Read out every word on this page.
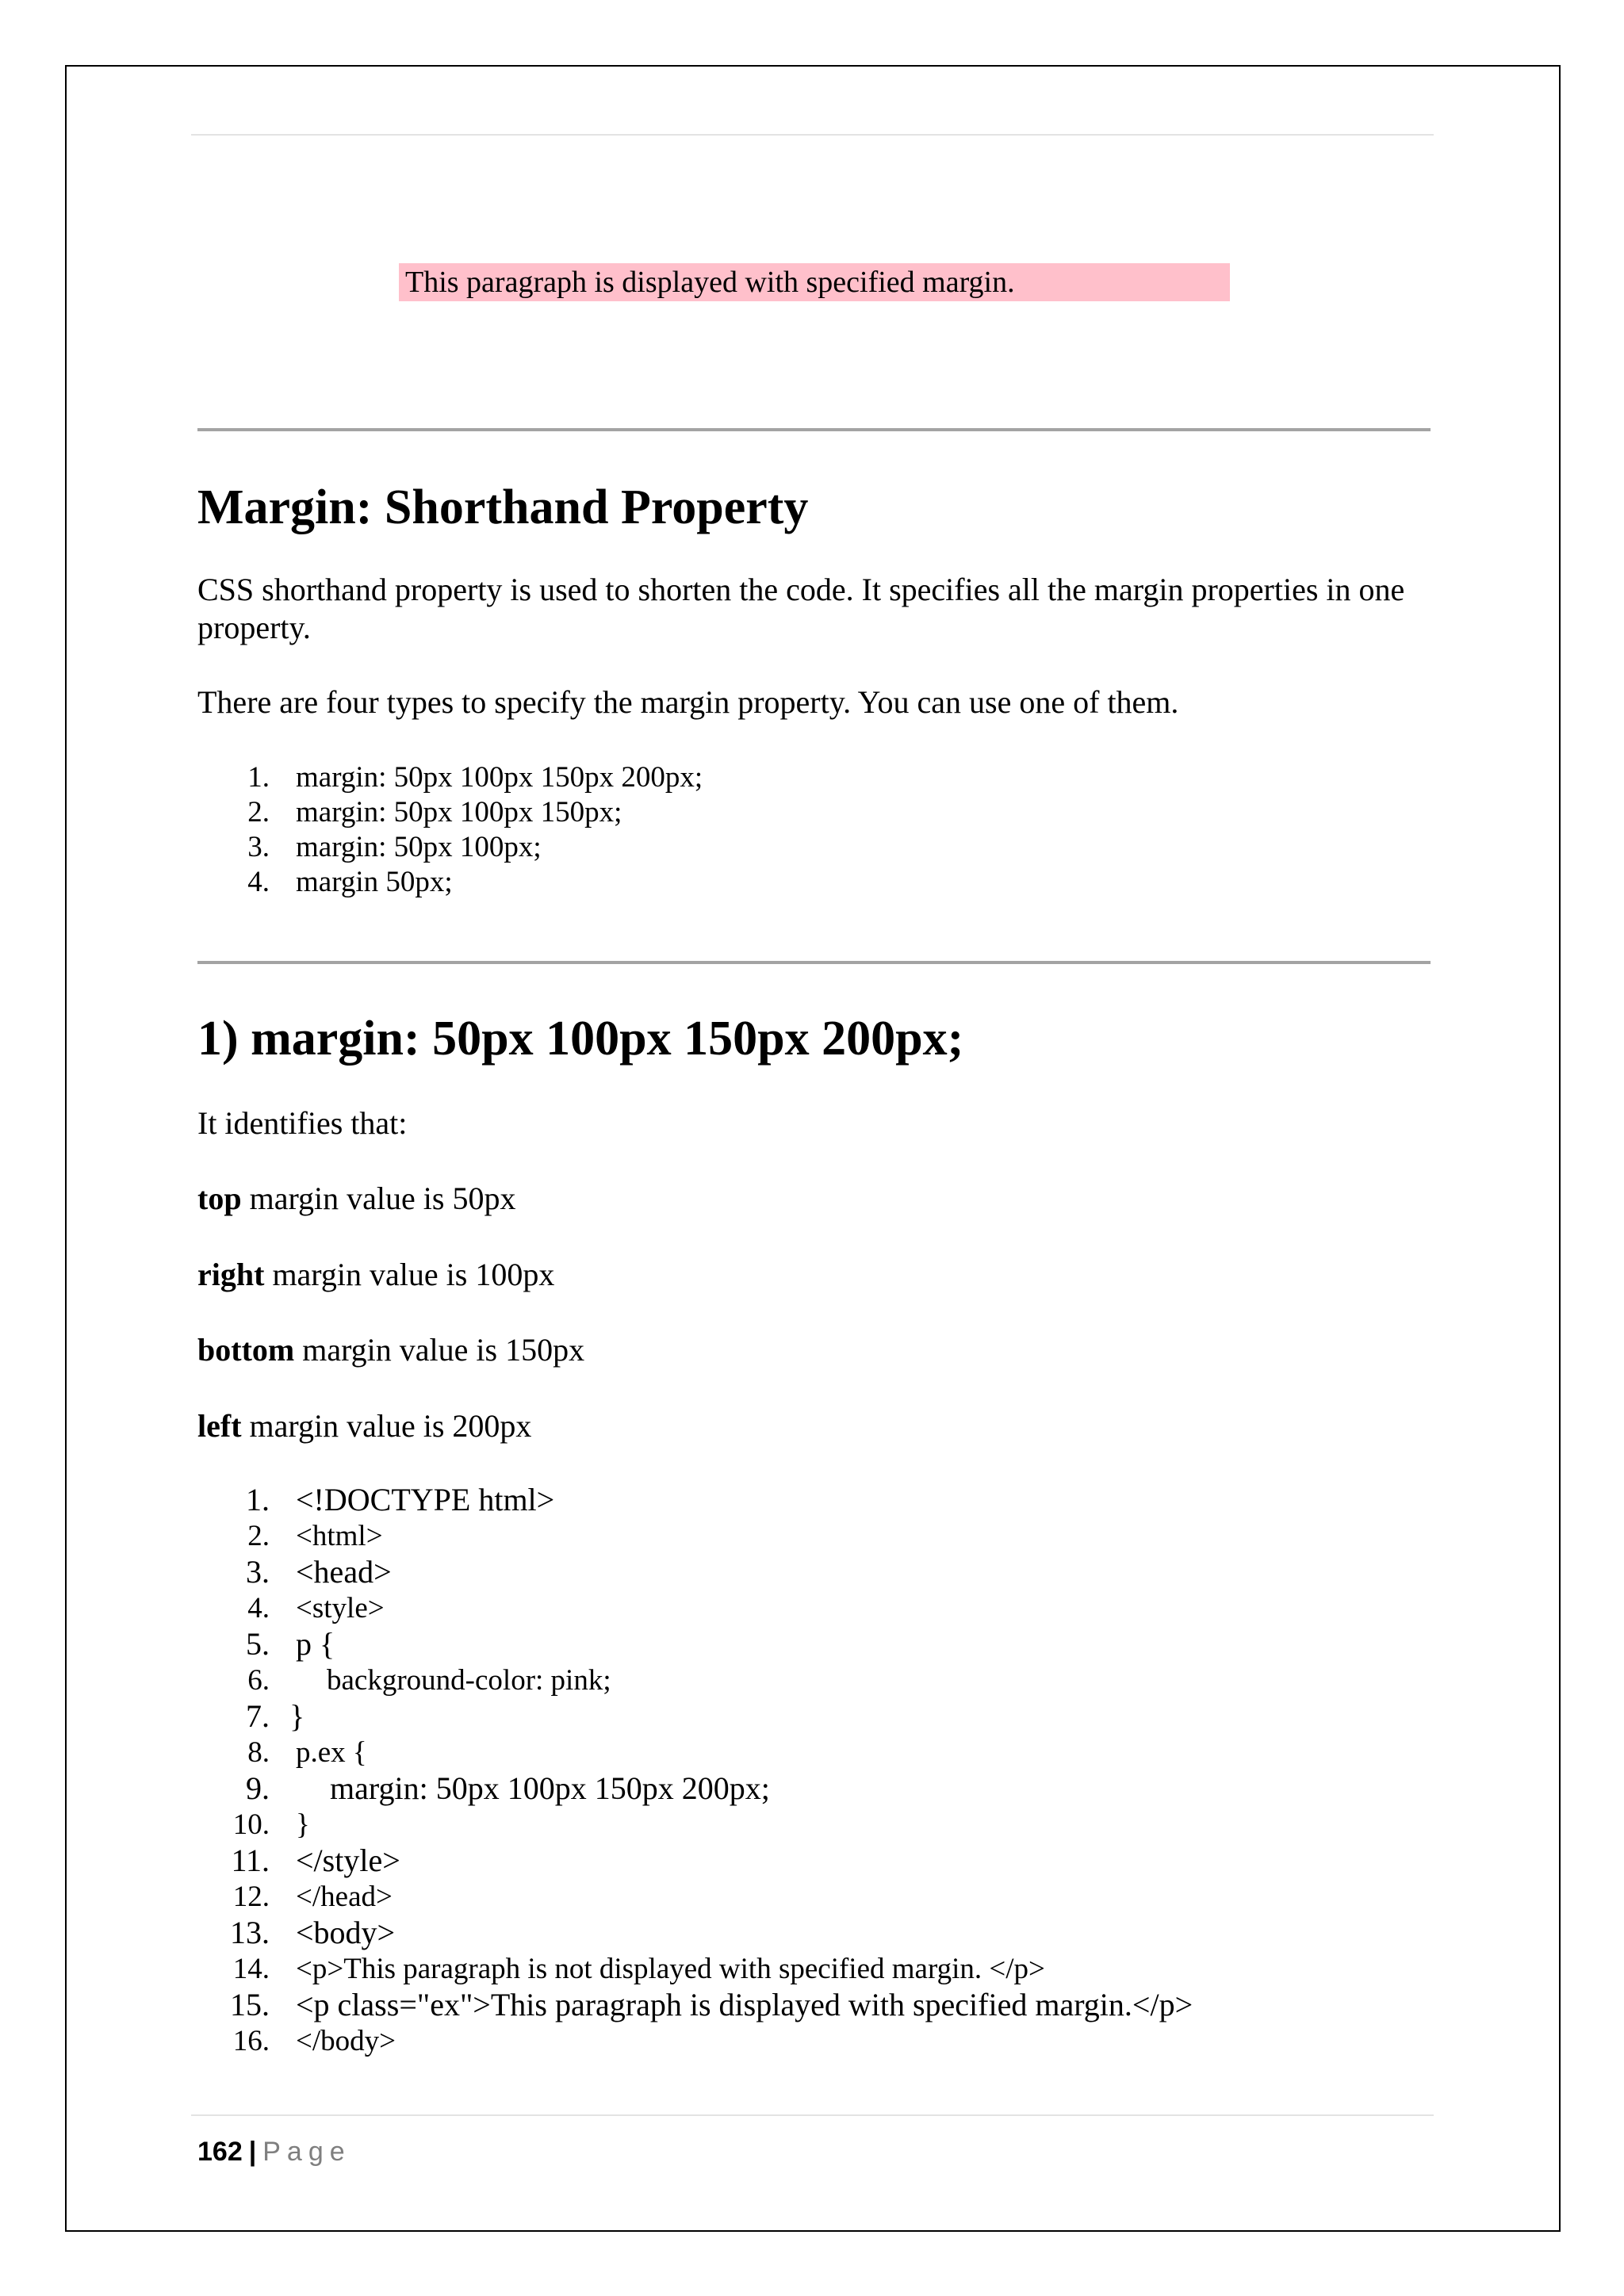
This paragraph is displayed with specified margin.
Margin: Shorthand Property

CSS shorthand property is used to shorten the code. It specifies all the margin properties in one property.

There are four types to specify the margin property. You can use one of them.

1. margin: 50px 100px 150px 200px;
2. margin: 50px 100px 150px;
3. margin: 50px 100px;
4. margin 50px;
1) margin: 50px 100px 150px 200px;
It identifies that:
top margin value is 50px
right margin value is 100px
bottom margin value is 150px
left margin value is 200px
1. <!DOCTYPE html>
2. <html>
3. <head>
4. <style>
5. p {
6. background-color: pink;
7. }
8. p.ex {
9. margin: 50px 100px 150px 200px;
10. }
11. </style>
12. </head>
13. <body>
14. <p>This paragraph is not displayed with specified margin. </p>
15. <p class="ex">This paragraph is displayed with specified margin.</p>
16. </body>
162 | Page
